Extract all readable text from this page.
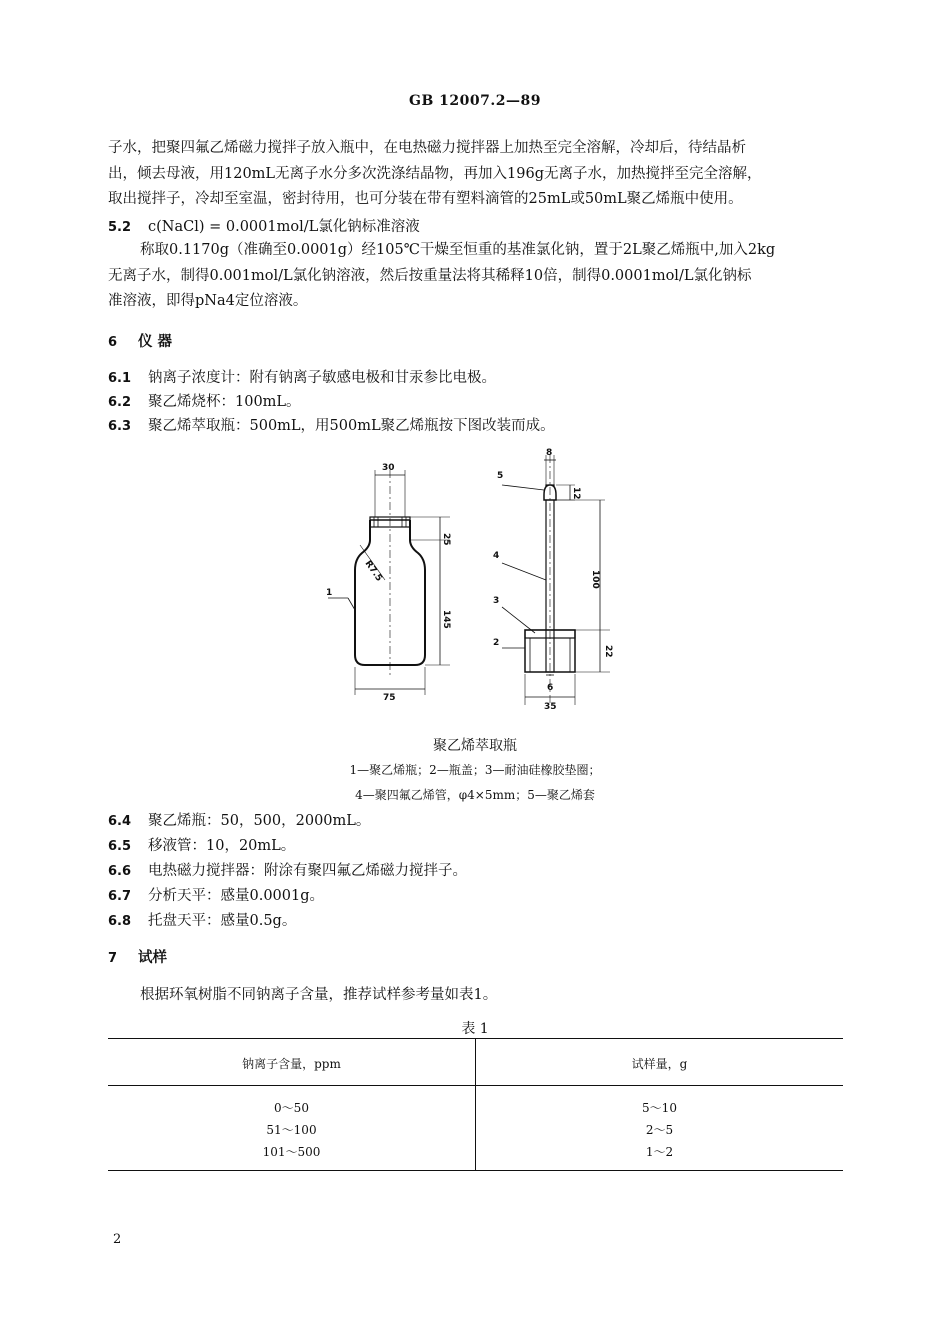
GB 12007.2—89
子水，把聚四氟乙烯磁力搅拌子放入瓶中，在电热磁力搅拌器上加热至完全溶解，冷却后，待结晶析
出，倾去母液，用120mL无离子水分多次洗涤结晶物，再加入196g无离子水，加热搅拌至完全溶解，
取出搅拌子，冷却至室温，密封待用，也可分装在带有塑料滴管的25mL或50mL聚乙烯瓶中使用。
5.2 c(NaCl) = 0.0001mol/L氯化钠标准溶液
称取0.1170g（准确至0.0001g）经105℃干燥至恒重的基准氯化钠，置于2L聚乙烯瓶中,加入2kg
无离子水，制得0.001mol/L氯化钠溶液，然后按重量法将其稀释10倍，制得0.0001mol/L氯化钠标
准溶液，即得pNa4定位溶液。
6 仪 器
6.1 钠离子浓度计：附有钠离子敏感电极和甘汞参比电极。
6.2 聚乙烯烧杯：100mL。
6.3 聚乙烯萃取瓶：500mL，用500mL聚乙烯瓶按下图改装而成。
30
25
R7.5
145
75
1
8
12
100
22
6
35
5
4
3
2
聚乙烯萃取瓶
1—聚乙烯瓶；2—瓶盖；3—耐油硅橡胶垫圈；
4—聚四氟乙烯管，φ4×5mm；5—聚乙烯套
6.4 聚乙烯瓶：50，500，2000mL。
6.5 移液管：10，20mL。
6.6 电热磁力搅拌器：附涂有聚四氟乙烯磁力搅拌子。
6.7 分析天平：感量0.0001g。
6.8 托盘天平：感量0.5g。
7 试样
根据环氧树脂不同钠离子含量，推荐试样参考量如表1。
表 1
钠离子含量，ppm	试样量，g
0～50	5～10
51～100	2～5
101～500	1～2
2
